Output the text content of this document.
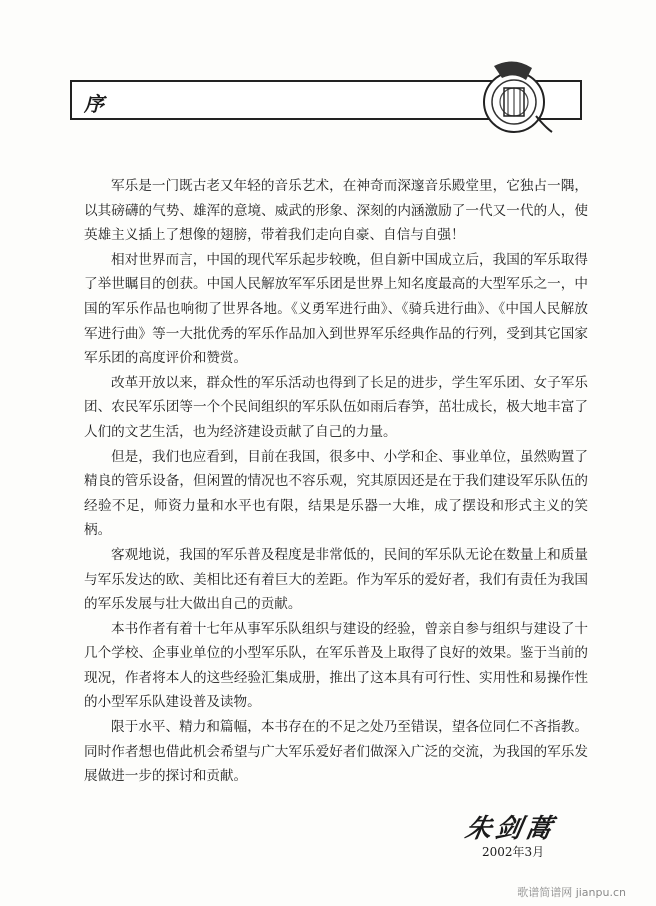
序

军乐是一门既古老又年轻的音乐艺术，在神奇而深邃音乐殿堂里，它独占一隅，以其磅礴的气势、雄浑的意境、威武的形象、深刻的内涵激励了一代又一代的人，使英雄主义插上了想像的翅膀，带着我们走向自豪、自信与自强！

相对世界而言，中国的现代军乐起步较晚，但自新中国成立后，我国的军乐取得了举世瞩目的创获。中国人民解放军军乐团是世界上知名度最高的大型军乐之一，中国的军乐作品也响彻了世界各地。《义勇军进行曲》、《骑兵进行曲》、《中国人民解放军进行曲》等一大批优秀的军乐作品加入到世界军乐经典作品的行列，受到其它国家军乐团的高度评价和赞赏。

改革开放以来，群众性的军乐活动也得到了长足的进步，学生军乐团、女子军乐团、农民军乐团等一个个民间组织的军乐队伍如雨后春笋，茁壮成长，极大地丰富了人们的文艺生活，也为经济建设贡献了自己的力量。

但是，我们也应看到，目前在我国，很多中、小学和企、事业单位，虽然购置了精良的管乐设备，但闲置的情况也不容乐观，究其原因还是在于我们建设军乐队伍的经验不足，师资力量和水平也有限，结果是乐器一大堆，成了摆设和形式主义的笑柄。

客观地说，我国的军乐普及程度是非常低的，民间的军乐队无论在数量上和质量与军乐发达的欧、美相比还有着巨大的差距。作为军乐的爱好者，我们有责任为我国的军乐发展与壮大做出自己的贡献。

本书作者有着十七年从事军乐队组织与建设的经验，曾亲自参与组织与建设了十几个学校、企事业单位的小型军乐队，在军乐普及上取得了良好的效果。鉴于当前的现况，作者将本人的这些经验汇集成册，推出了这本具有可行性、实用性和易操作性的小型军乐队建设普及读物。

限于水平、精力和篇幅，本书存在的不足之处乃至错误，望各位同仁不吝指教。同时作者想也借此机会希望与广大军乐爱好者们做深入广泛的交流，为我国的军乐发展做进一步的探讨和贡献。

朱剑蒿
2002年3月
歌谱简谱网 jianpu.cn
